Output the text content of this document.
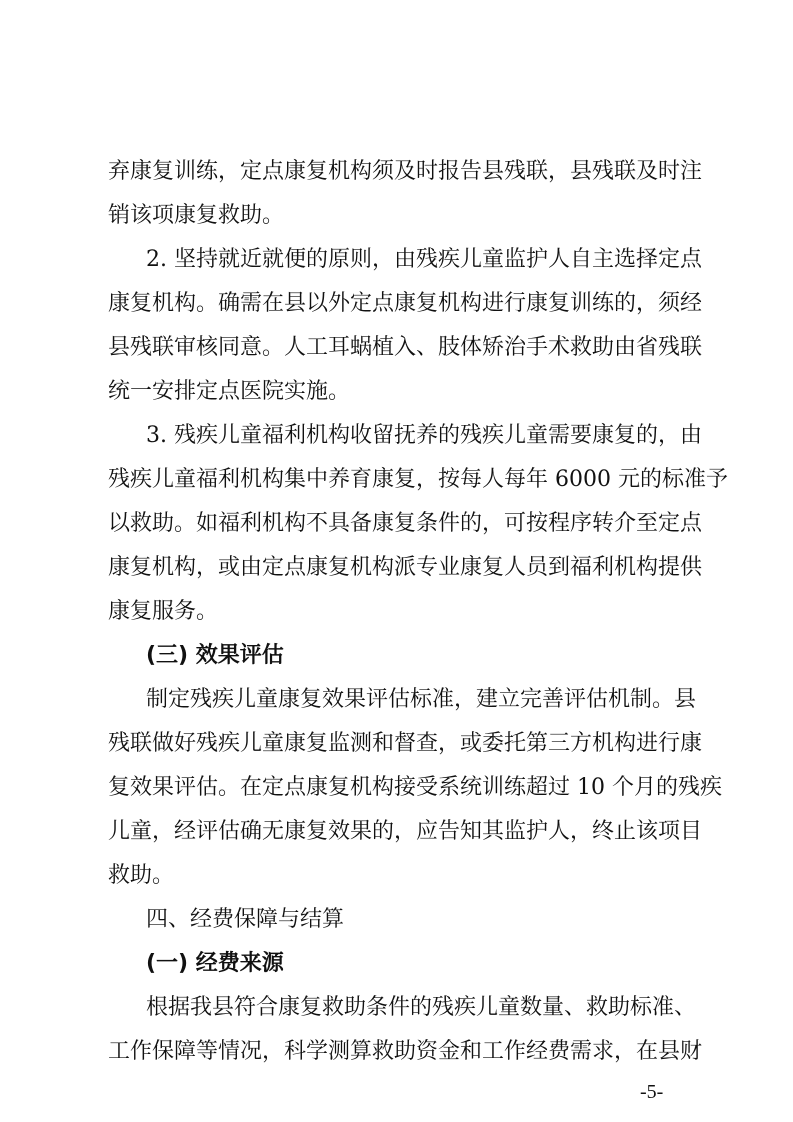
弃康复训练，定点康复机构须及时报告县残联，县残联及时注
销该项康复救助。
2. 坚持就近就便的原则，由残疾儿童监护人自主选择定点
康复机构。确需在县以外定点康复机构进行康复训练的，须经
县残联审核同意。人工耳蜗植入、肢体矫治手术救助由省残联
统一安排定点医院实施。
3. 残疾儿童福利机构收留抚养的残疾儿童需要康复的，由
残疾儿童福利机构集中养育康复，按每人每年 6000 元的标准予
以救助。如福利机构不具备康复条件的，可按程序转介至定点
康复机构，或由定点康复机构派专业康复人员到福利机构提供
康复服务。
(三) 效果评估
制定残疾儿童康复效果评估标准，建立完善评估机制。县
残联做好残疾儿童康复监测和督查，或委托第三方机构进行康
复效果评估。在定点康复机构接受系统训练超过 10 个月的残疾
儿童，经评估确无康复效果的，应告知其监护人，终止该项目
救助。
四、经费保障与结算
(一) 经费来源
根据我县符合康复救助条件的残疾儿童数量、救助标准、
工作保障等情况，科学测算救助资金和工作经费需求，在县财
-5-
